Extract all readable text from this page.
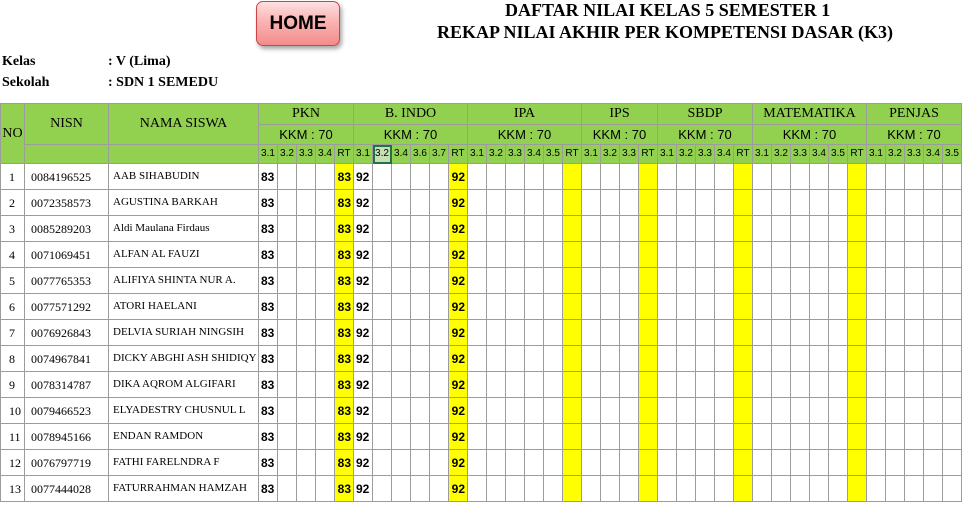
HOME
DAFTAR NILAI KELAS 5 SEMESTER 1
REKAP NILAI AKHIR PER KOMPETENSI DASAR (K3)
Kelas	: V (Lima)
Sekolah	: SDN 1 SEMEDU
NO	NISN	NAMA SISWA	PKN					B. INDO						IPA						IPS				SBDP					MATEMATIKA						PENJAS				
			KKM : 70					KKM : 70						KKM : 70						KKM : 70				KKM : 70					KKM : 70						KKM : 70				
			3.1	3.2	3.3	3.4	RT	3.1	3.2	3.4	3.6	3.7	RT	3.1	3.2	3.3	3.4	3.5	RT	3.1	3.2	3.3	RT	3.1	3.2	3.3	3.4	RT	3.1	3.2	3.3	3.4	3.5	RT	3.1	3.2	3.3	3.4	3.5
1	0084196525	AAB SIHABUDIN	83				83	92					92																										
2	0072358573	AGUSTINA BARKAH	83				83	92					92																										
3	0085289203	Aldi Maulana Firdaus	83				83	92					92																										
4	0071069451	ALFAN AL FAUZI	83				83	92					92																										
5	0077765353	ALIFIYA SHINTA NUR A.	83				83	92					92																										
6	0077571292	ATORI HAELANI	83				83	92					92																										
7	0076926843	DELVIA SURIAH NINGSIH	83				83	92					92																										
8	0074967841	DICKY ABGHI ASH SHIDIQY	83				83	92					92																										
9	0078314787	DIKA AQROM ALGIFARI	83				83	92					92																										
10	0079466523	ELYADESTRY CHUSNUL L	83				83	92					92																										
11	0078945166	ENDAN RAMDON	83				83	92					92																										
12	0076797719	FATHI FARELNDRA F	83				83	92					92																										
13	0077444028	FATURRAHMAN HAMZAH	83				83	92					92																										
